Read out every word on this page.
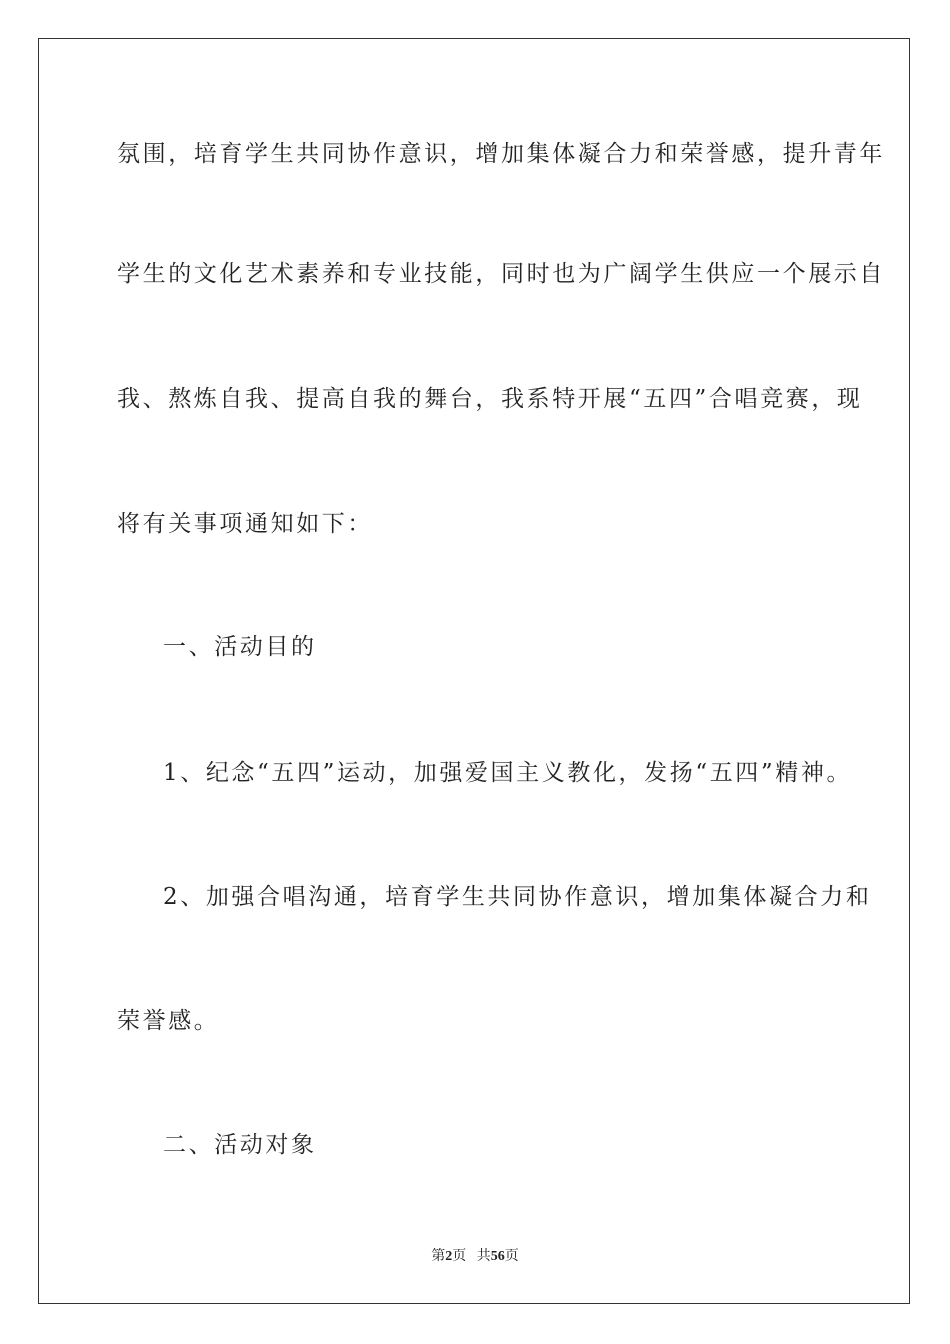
氛围，培育学生共同协作意识，增加集体凝合力和荣誉感，提升青年
学生的文化艺术素养和专业技能，同时也为广阔学生供应一个展示自
我、熬炼自我、提高自我的舞台，我系特开展“五四”合唱竞赛，现
将有关事项通知如下：
一、活动目的
1、纪念“五四”运动，加强爱国主义教化，发扬“五四”精神。
2、加强合唱沟通，培育学生共同协作意识，增加集体凝合力和
荣誉感。
二、活动对象
第2页 共56页
